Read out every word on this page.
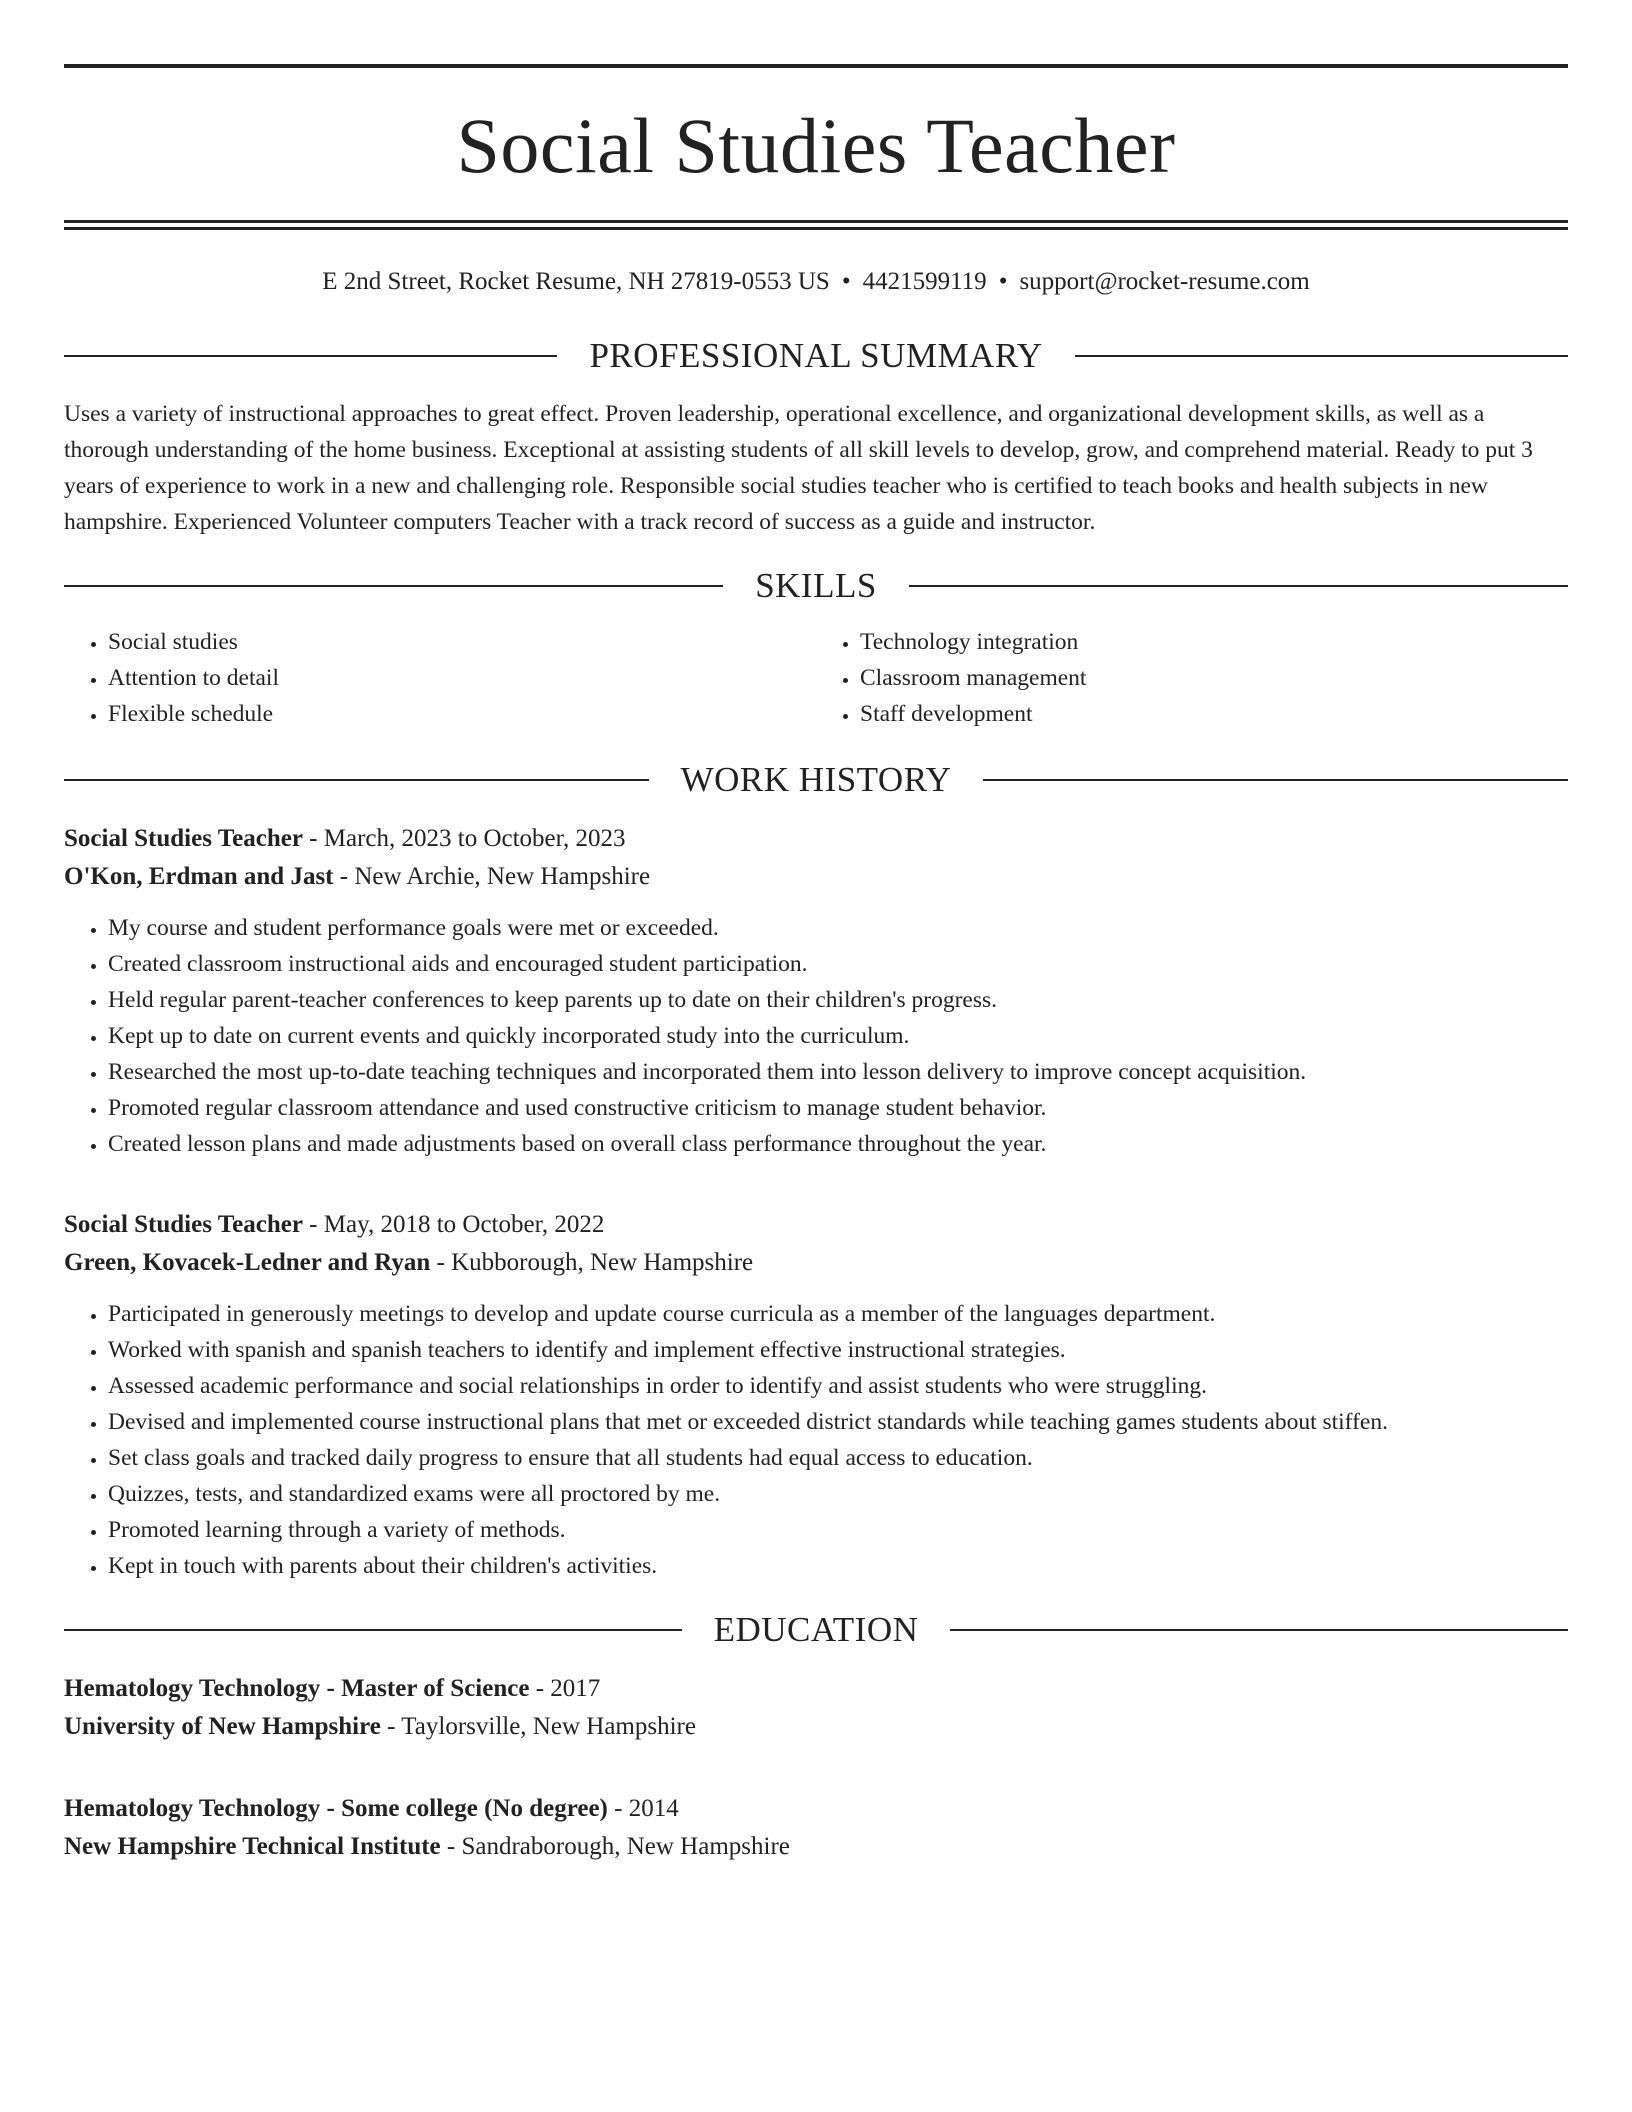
Social Studies Teacher
E 2nd Street, Rocket Resume, NH 27819-0553 US • 4421599119 • support@rocket-resume.com
PROFESSIONAL SUMMARY

Uses a variety of instructional approaches to great effect. Proven leadership, operational excellence, and organizational development skills, as well as a thorough understanding of the home business. Exceptional at assisting students of all skill levels to develop, grow, and comprehend material. Ready to put 3 years of experience to work in a new and challenging role. Responsible social studies teacher who is certified to teach books and health subjects in new hampshire. Experienced Volunteer computers Teacher with a track record of success as a guide and instructor.

SKILLS
• Social studies
• Attention to detail
• Flexible schedule
• Technology integration
• Classroom management
• Staff development
WORK HISTORY
Social Studies Teacher - March, 2023 to October, 2023
O'Kon, Erdman and Jast - New Archie, New Hampshire
• My course and student performance goals were met or exceeded.
• Created classroom instructional aids and encouraged student participation.
• Held regular parent-teacher conferences to keep parents up to date on their children's progress.
• Kept up to date on current events and quickly incorporated study into the curriculum.
• Researched the most up-to-date teaching techniques and incorporated them into lesson delivery to improve concept acquisition.
• Promoted regular classroom attendance and used constructive criticism to manage student behavior.
• Created lesson plans and made adjustments based on overall class performance throughout the year.
Social Studies Teacher - May, 2018 to October, 2022
Green, Kovacek-Ledner and Ryan - Kubborough, New Hampshire
• Participated in generously meetings to develop and update course curricula as a member of the languages department.
• Worked with spanish and spanish teachers to identify and implement effective instructional strategies.
• Assessed academic performance and social relationships in order to identify and assist students who were struggling.
• Devised and implemented course instructional plans that met or exceeded district standards while teaching games students about stiffen.
• Set class goals and tracked daily progress to ensure that all students had equal access to education.
• Quizzes, tests, and standardized exams were all proctored by me.
• Promoted learning through a variety of methods.
• Kept in touch with parents about their children's activities.
EDUCATION
Hematology Technology - Master of Science - 2017
University of New Hampshire - Taylorsville, New Hampshire
Hematology Technology - Some college (No degree) - 2014
New Hampshire Technical Institute - Sandraborough, New Hampshire
